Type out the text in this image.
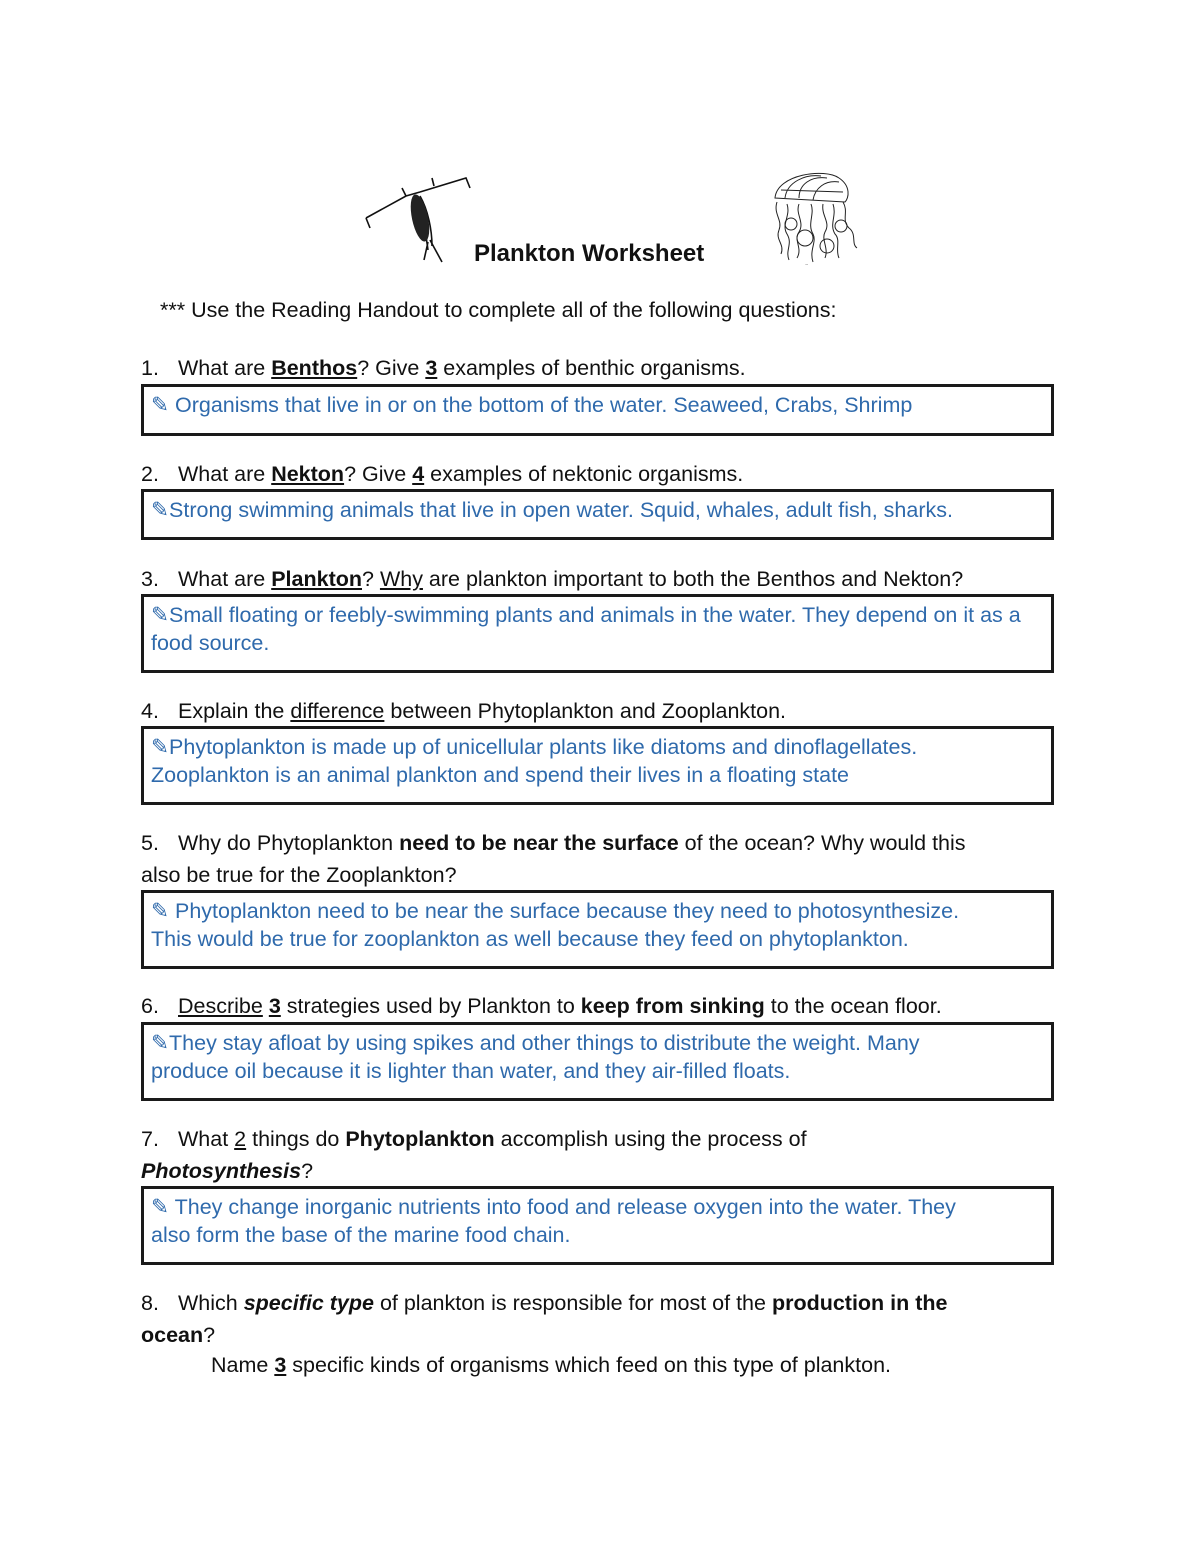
~
Plankton Worksheet
*** Use the Reading Handout to complete all of the following questions:
1. What are Benthos? Give 3 examples of benthic organisms.
✎ Organisms that live in or on the bottom of the water. Seaweed, Crabs, Shrimp
2. What are Nekton? Give 4 examples of nektonic organisms.
✎Strong swimming animals that live in open water. Squid, whales, adult fish, sharks.
3. What are Plankton? Why are plankton important to both the Benthos and Nekton?
✎Small floating or feebly-swimming plants and animals in the water. They depend on it as a food source.
4. Explain the difference between Phytoplankton and Zooplankton.
✎Phytoplankton is made up of unicellular plants like diatoms and dinoflagellates.
Zooplankton is an animal plankton and spend their lives in a floating state
5. Why do Phytoplankton need to be near the surface of the ocean? Why would this
also be true for the Zooplankton?
✎ Phytoplankton need to be near the surface because they need to photosynthesize.
This would be true for zooplankton as well because they feed on phytoplankton.
6. Describe 3 strategies used by Plankton to keep from sinking to the ocean floor.
✎They stay afloat by using spikes and other things to distribute the weight. Many
produce oil because it is lighter than water, and they air-filled floats.
7. What 2 things do Phytoplankton accomplish using the process of
Photosynthesis?
✎ They change inorganic nutrients into food and release oxygen into the water. They
also form the base of the marine food chain.
8. Which specific type of plankton is responsible for most of the production in the
ocean?
Name 3 specific kinds of organisms which feed on this type of plankton.
